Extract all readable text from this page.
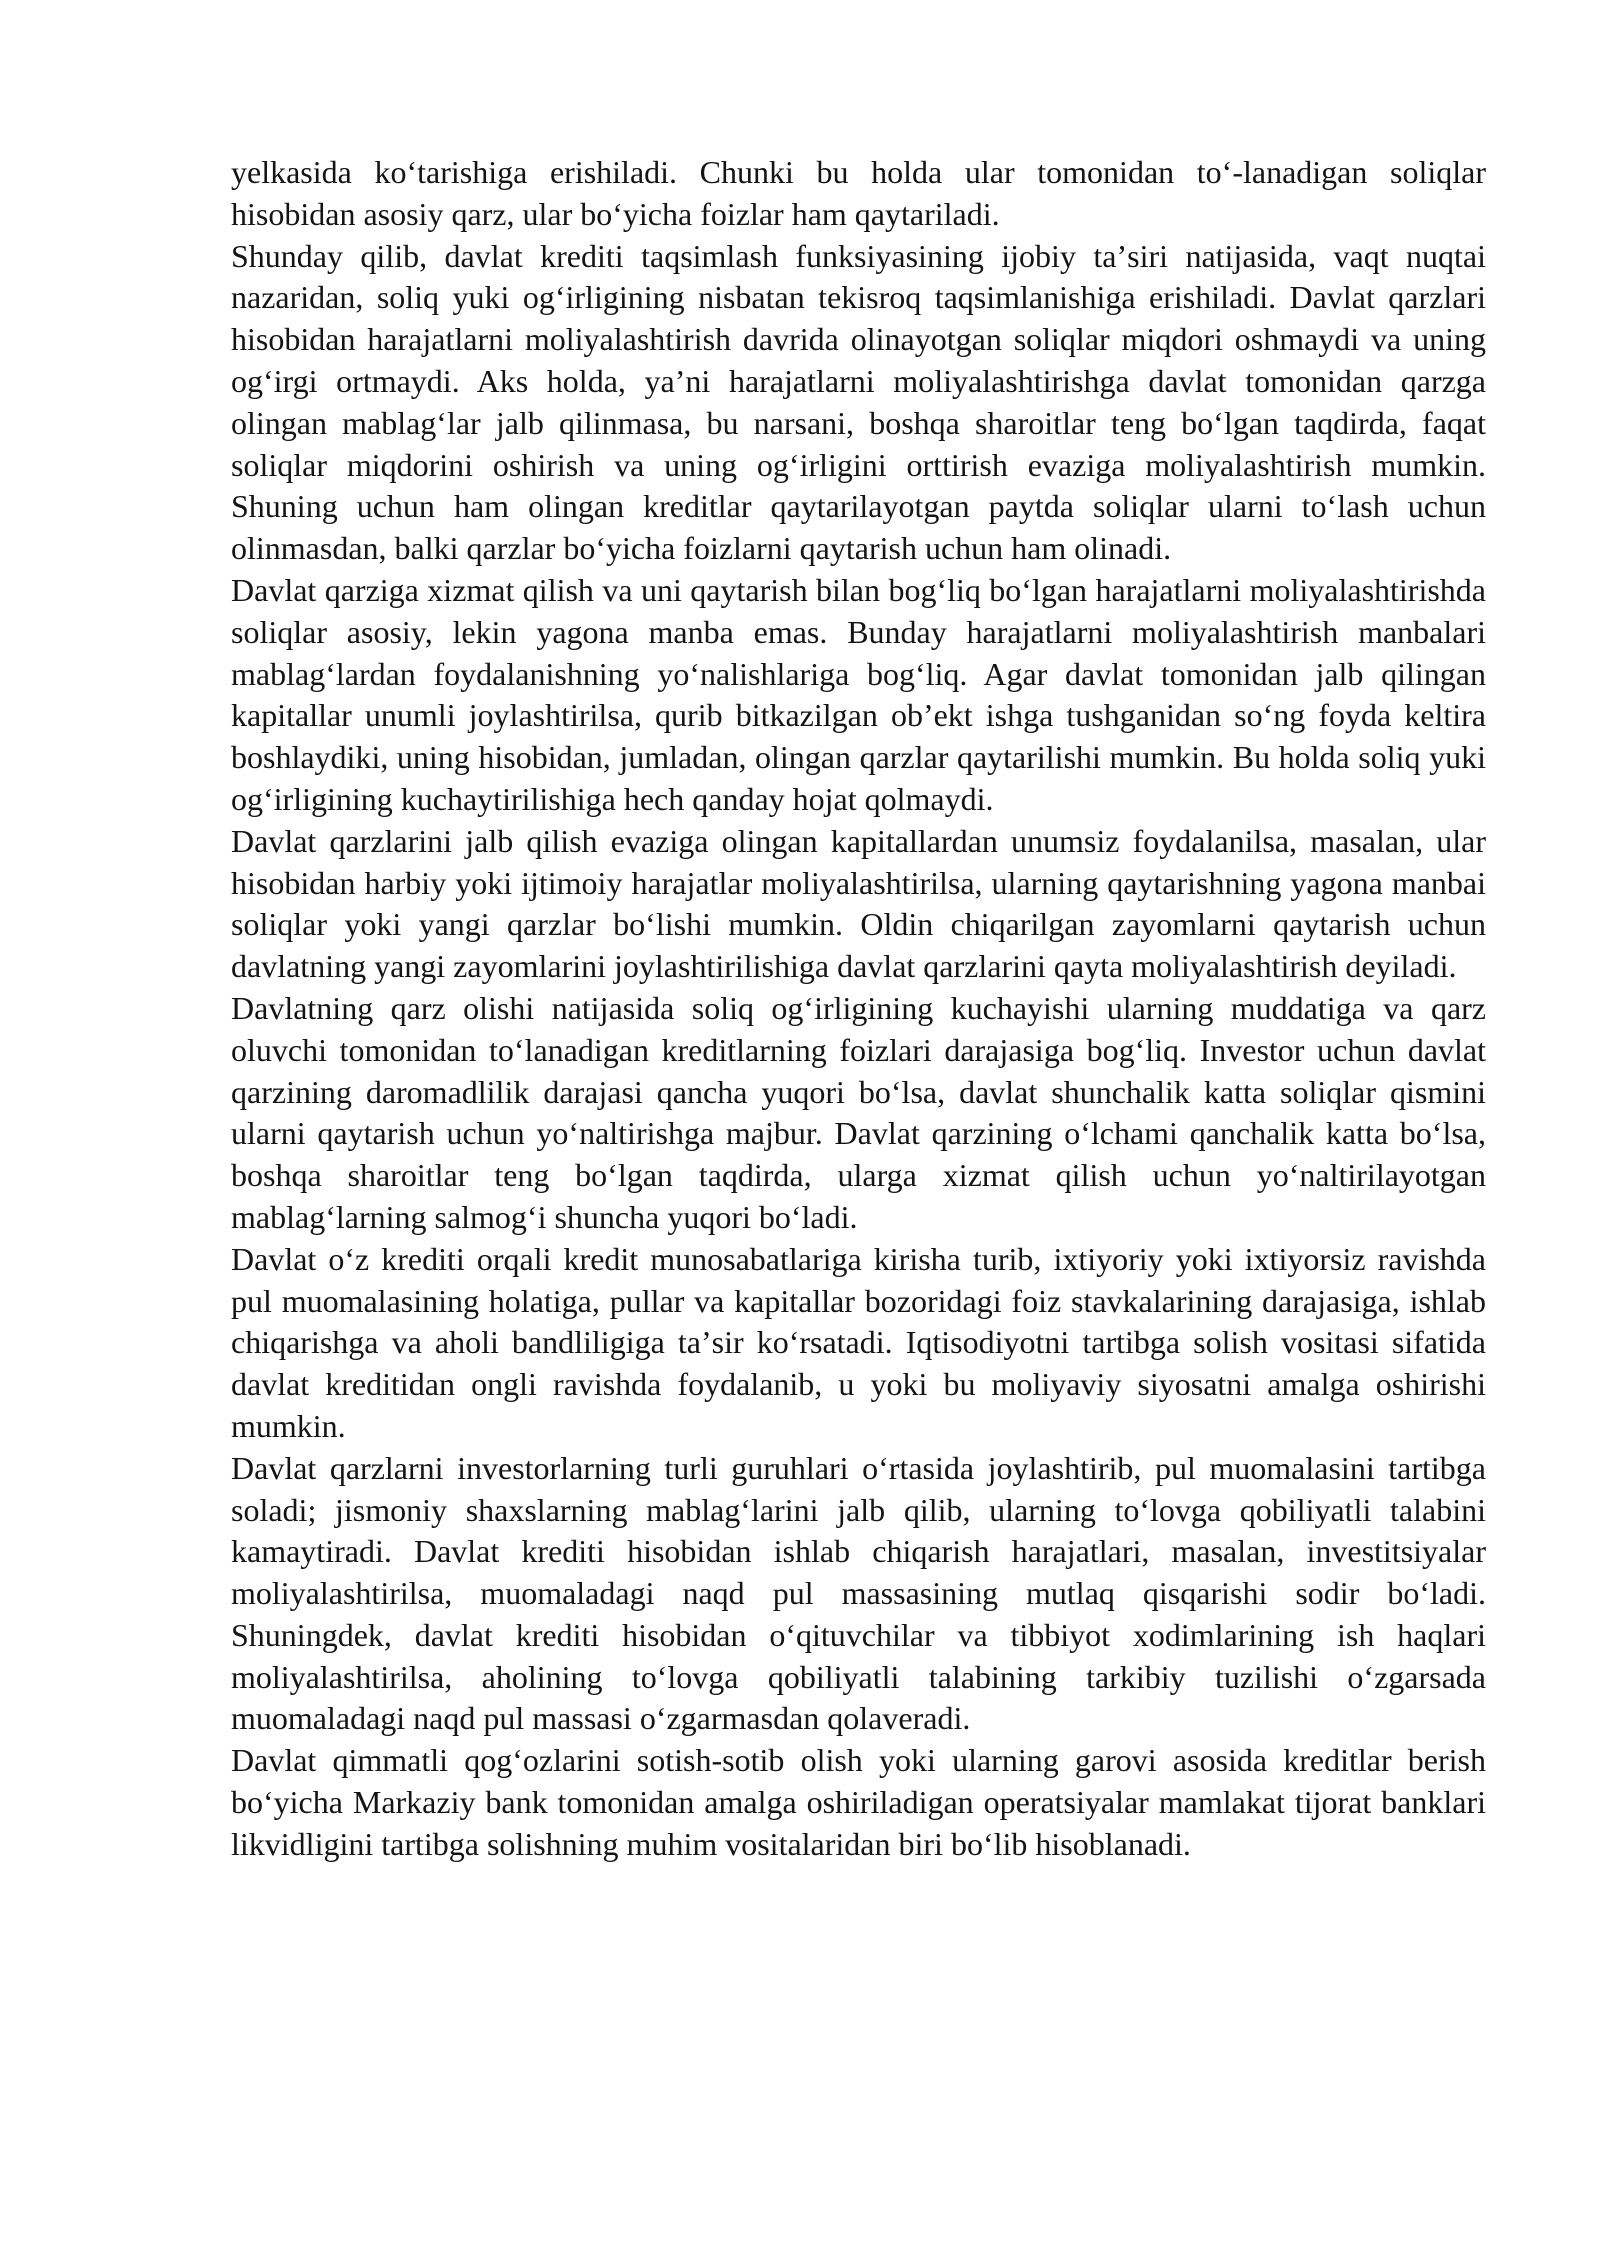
yelkasida koʻtarishiga erishiladi. Chunki bu holda ular tomonidan toʻ-lanadigan soliqlar hisobidan asosiy qarz, ular boʻyicha foizlar ham qaytariladi.

Shunday qilib, davlat krediti taqsimlash funksiyasining ijobiy taʼsiri natijasida, vaqt nuqtai nazaridan, soliq yuki ogʻirligining nisbatan tekisroq taqsimlanishiga erishiladi. Davlat qarzlari hisobidan harajatlarni moliyalashtirish davrida olinayotgan soliqlar miqdori oshmaydi va uning ogʻirgi ortmaydi. Aks holda, yaʼni harajatlarni moliyalashtirishga davlat tomonidan qarzga olingan mablagʻlar jalb qilinmasa, bu narsani, boshqa sharoitlar teng boʻlgan taqdirda, faqat soliqlar miqdorini oshirish va uning ogʻirligini orttirish evaziga moliyalashtirish mumkin. Shuning uchun ham olingan kreditlar qaytarilayotgan paytda soliqlar ularni toʻlash uchun olinmasdan, balki qarzlar boʻyicha foizlarni qaytarish uchun ham olinadi.

Davlat qarziga xizmat qilish va uni qaytarish bilan bogʻliq boʻlgan harajatlarni moliyalashtirishda soliqlar asosiy, lekin yagona manba emas. Bunday harajatlarni moliyalashtirish manbalari mablagʻlardan foydalanishning yoʻnalishlariga bogʻliq. Agar davlat tomonidan jalb qilingan kapitallar unumli joylashtirilsa, qurib bitkazilgan obʼekt ishga tushganidan soʻng foyda keltira boshlaydiki, uning hisobidan, jumladan, olingan qarzlar qaytarilishi mumkin. Bu holda soliq yuki ogʻirligining kuchaytirilishiga hech qanday hojat qolmaydi.

Davlat qarzlarini jalb qilish evaziga olingan kapitallardan unumsiz foydalanilsa, masalan, ular hisobidan harbiy yoki ijtimoiy harajatlar moliyalashtirilsa, ularning qaytarishning yagona manbai soliqlar yoki yangi qarzlar boʻlishi mumkin. Oldin chiqarilgan zayomlarni qaytarish uchun davlatning yangi zayomlarini joylashtirilishiga davlat qarzlarini qayta moliyalashtirish deyiladi.

Davlatning qarz olishi natijasida soliq ogʻirligining kuchayishi ularning muddatiga va qarz oluvchi tomonidan toʻlanadigan kreditlarning foizlari darajasiga bogʻliq. Investor uchun davlat qarzining daromadlilik darajasi qancha yuqori boʻlsa, davlat shunchalik katta soliqlar qismini ularni qaytarish uchun yoʻnaltirishga majbur. Davlat qarzining oʻlchami qanchalik katta boʻlsa, boshqa sharoitlar teng boʻlgan taqdirda, ularga xizmat qilish uchun yoʻnaltirilayotgan mablagʻlarning salmogʻi shuncha yuqori boʻladi.

Davlat oʻz krediti orqali kredit munosabatlariga kirisha turib, ixtiyoriy yoki ixtiyorsiz ravishda pul muomalasining holatiga, pullar va kapitallar bozoridagi foiz stavkalarining darajasiga, ishlab chiqarishga va aholi bandliligiga taʼsir koʻrsatadi. Iqtisodiyotni tartibga solish vositasi sifatida davlat kreditidan ongli ravishda foydalanib, u yoki bu moliyaviy siyosatni amalga oshirishi mumkin.

Davlat qarzlarni investorlarning turli guruhlari oʻrtasida joylashtirib, pul muomalasini tartibga soladi; jismoniy shaxslarning mablagʻlarini jalb qilib, ularning toʻlovga qobiliyatli talabini kamaytiradi. Davlat krediti hisobidan ishlab chiqarish harajatlari, masalan, investitsiyalar moliyalashtirilsa, muomaladagi naqd pul massasining mutlaq qisqarishi sodir boʻladi. Shuningdek, davlat krediti hisobidan oʻqituvchilar va tibbiyot xodimlarining ish haqlari moliyalashtirilsa, aholining toʻlovga qobiliyatli talabining tarkibiy tuzilishi oʻzgarsada muomaladagi naqd pul massasi oʻzgarmasdan qolaveradi.

Davlat qimmatli qogʻozlarini sotish-sotib olish yoki ularning garovi asosida kreditlar berish boʻyicha Markaziy bank tomonidan amalga oshiriladigan operatsiyalar mamlakat tijorat banklari likvidligini tartibga solishning muhim vositalaridan biri boʻlib hisoblanadi.
